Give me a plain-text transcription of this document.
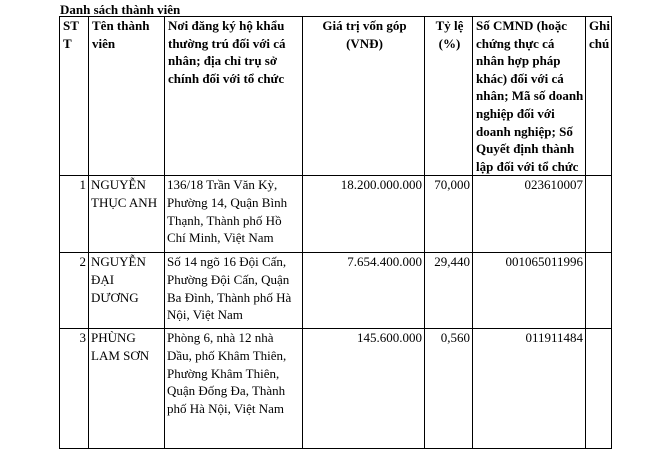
Danh sách thành viên
STT	Tên thành viên	Nơi đăng ký hộ khẩu thường trú đối với cá nhân; địa chỉ trụ sở chính đối với tổ chức	Giá trị vốn góp (VNĐ)	Tỷ lệ (%)	Số CMND (hoặc chứng thực cá nhân hợp pháp khác) đối với cá nhân; Mã số doanh nghiệp đối với doanh nghiệp; Số Quyết định thành lập đối với tổ chức	Ghi chú
1	NGUYỄN THỤC ANH	136/18 Trần Văn Kỳ, Phường 14, Quận Bình Thạnh, Thành phố Hồ Chí Minh, Việt Nam	18.200.000.000	70,000	023610007	
2	NGUYỄN ĐẠI DƯƠNG	Số 14 ngõ 16 Đội Cấn, Phường Đội Cấn, Quận Ba Đình, Thành phố Hà Nội, Việt Nam	7.654.400.000	29,440	001065011996	
3	PHÙNG LAM SƠN	Phòng 6, nhà 12 nhà Dầu, phố Khâm Thiên, Phường Khâm Thiên, Quận Đống Đa, Thành phố Hà Nội, Việt Nam	145.600.000	0,560	011911484	
